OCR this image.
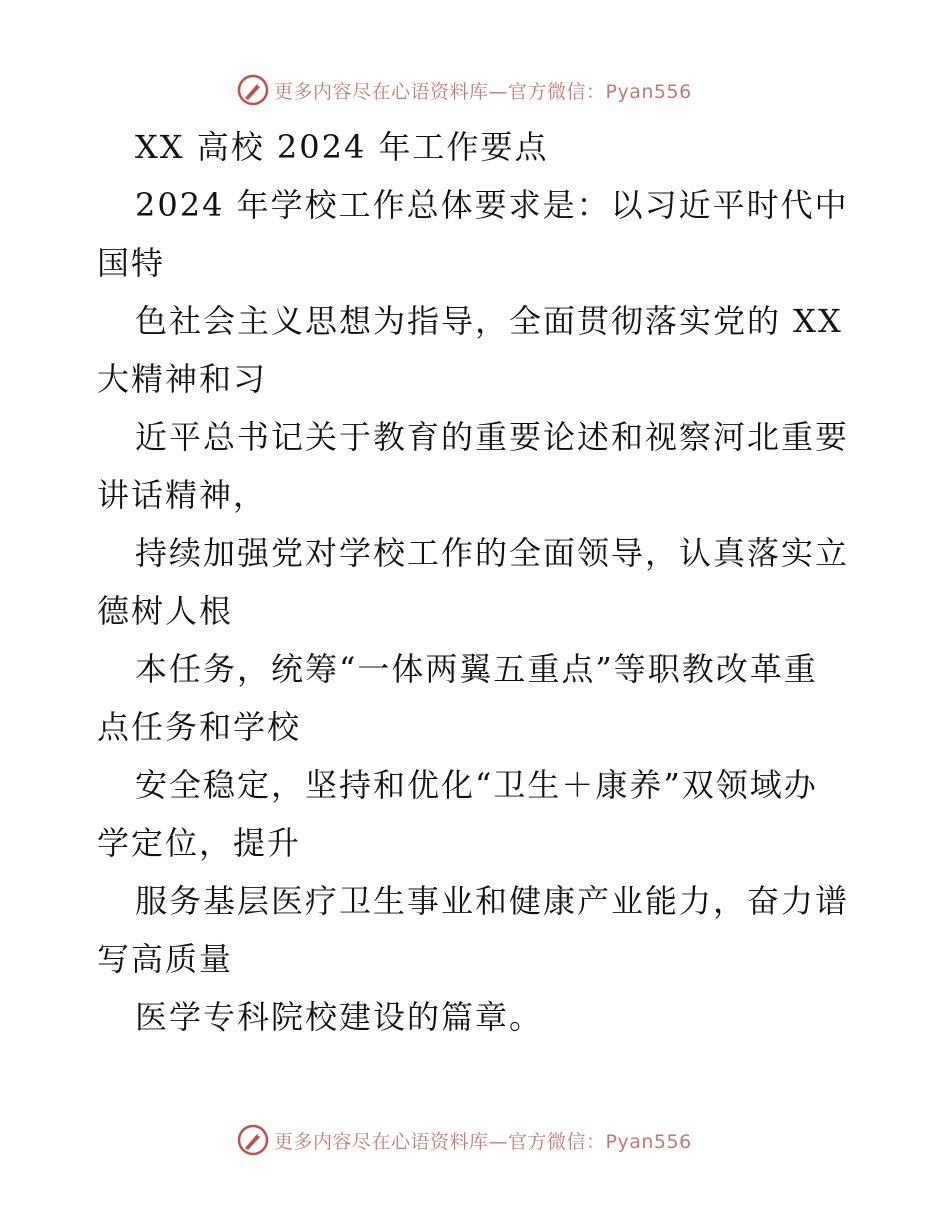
更多内容尽在心语资料库—官方微信：Pyan556

XX 高校 2024 年工作要点

2024 年学校工作总体要求是：以习近平时代中
国特

色社会主义思想为指导，全面贯彻落实党的 XX
大精神和习

近平总书记关于教育的重要论述和视察河北重要
讲话精神，

持续加强党对学校工作的全面领导，认真落实立
德树人根

本任务，统筹“一体两翼五重点”等职教改革重
点任务和学校

安全稳定，坚持和优化“卫生＋康养”双领域办
学定位，提升

服务基层医疗卫生事业和健康产业能力，奋力谱
写高质量

医学专科院校建设的篇章。

更多内容尽在心语资料库—官方微信：Pyan556
